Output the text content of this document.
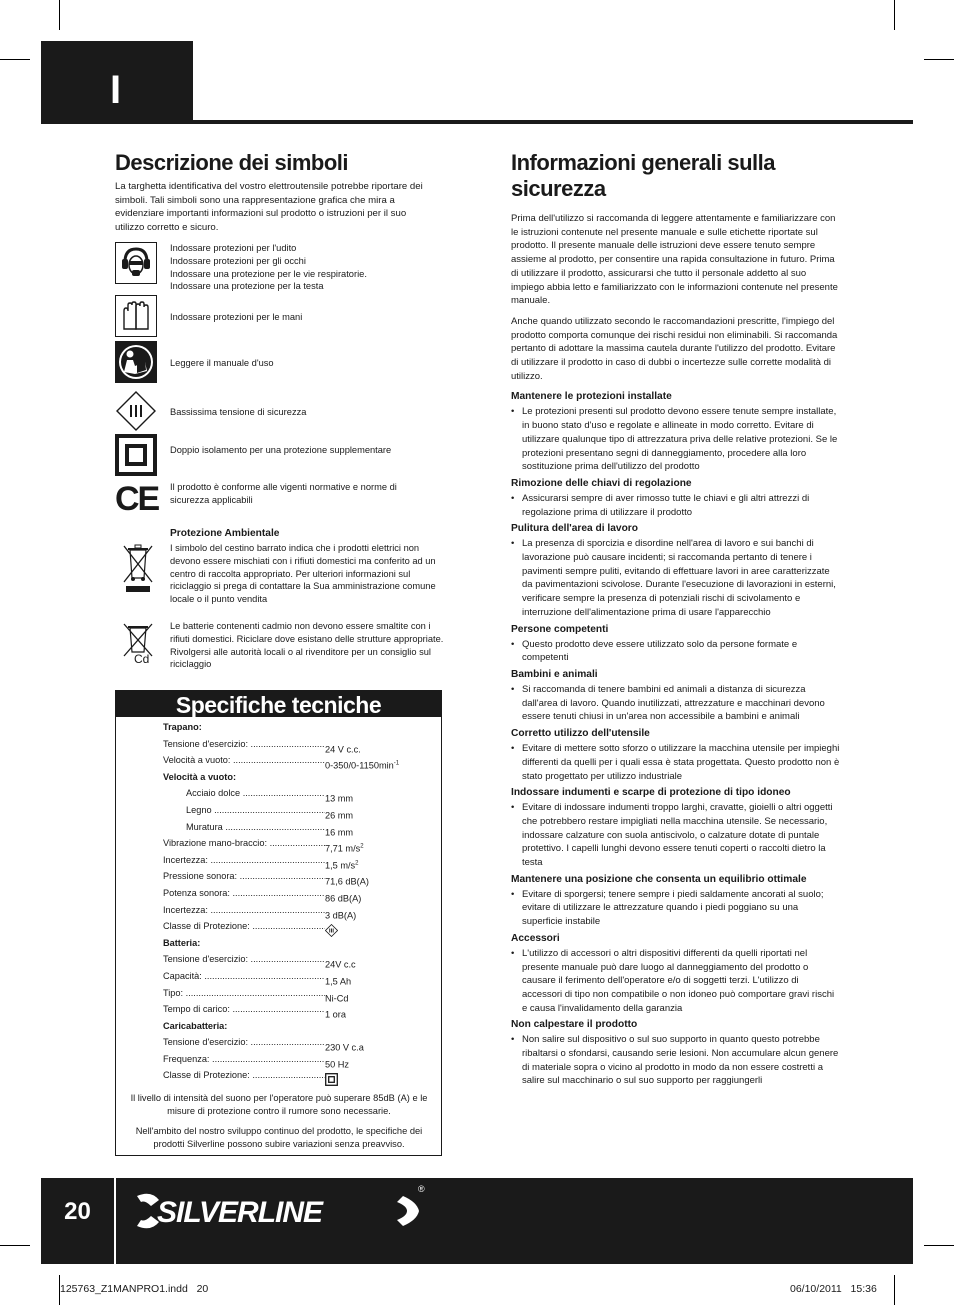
I
Descrizione dei simboli
La targhetta identificativa del vostro elettroutensile potrebbe riportare dei simboli. Tali simboli sono una rappresentazione grafica che mira a evidenziare importanti informazioni sul prodotto o istruzioni per il suo utilizzo corretto e sicuro.
Indossare protezioni per l'udito
Indossare protezioni per gli occhi
Indossare una protezione per le vie respiratorie.
Indossare una protezione per la testa
Indossare protezioni per le mani
Leggere il manuale d'uso
Bassissima tensione di sicurezza
Doppio isolamento per una protezione supplementare
CE Il prodotto è conforme alle vigenti normative e norme di sicurezza applicabili
Protezione Ambientale
I simbolo del cestino barrato indica che i prodotti elettrici non devono essere mischiati con i rifiuti domestici ma conferito ad un centro di raccolta appropriato. Per ulteriori informazioni sul riciclaggio si prega di contattare la Sua amministrazione comune locale o il punto vendita
Cd
Le batterie contenenti cadmio non devono essere smaltite con i rifiuti domestici. Riciclare dove esistano delle strutture appropriate. Rivolgersi alle autorità locali o al rivenditore per un consiglio sul riciclaggio
Specifiche tecniche
Trapano:
Tensione d'esercizio: .....24 V c.c.
Velocità a vuoto: $.....0-350/0-1150\min^{-1}$
Velocità a vuoto:
Acciaio dolce .....13 mm
Legno .....26 mm
Muratura .....16 mm
Vibrazione mano-braccio: .....7,71 $m/s^2$
Incertezza: .....1,5 $m/s^2$
Pressione sonora: .....71,6 dB(A)
Potenza sonora: .....86 dB(A)
Incertezza: .....3 dB(A)
Classe di Protezione: .....
Batteria:
Tensione d'esercizio: .....24V c.c
Capacità: .....1,5 Ah
Tipo: .....Ni-Cd
Tempo di carico: .....1 ora
Caricabatteria:
Tensione d'esercizio: .....230 V c.a
Frequenza: .....50 Hz
Classe di Protezione: .....
Il livello di intensità del suono per l'operatore può superare 85dB (A) e le misure di protezione contro il rumore sono necessarie.
Nell'ambito del nostro sviluppo continuo del prodotto, le specifiche dei prodotti Silverline possono subire variazioni senza preavviso.
Informazioni generali sulla sicurezza

Prima dell'utilizzo si raccomanda di leggere attentamente e familiarizzare con le istruzioni contenute nel presente manuale e sulle etichette riportate sul prodotto. Il presente manuale delle istruzioni deve essere tenuto sempre assieme al prodotto, per consentire una rapida consultazione in futuro. Prima di utilizzare il prodotto, assicurarsi che tutto il personale addetto al suo impiego abbia letto e familiarizzato con le informazioni contenute nel presente manuale.

Anche quando utilizzato secondo le raccomandazioni prescritte, l'impiego del prodotto comporta comunque dei rischi residui non eliminabili. Si raccomanda pertanto di adottare la massima cautela durante l'utilizzo del prodotto. Evitare di utilizzare il prodotto in caso di dubbi o incertezze sulle corrette modalità di utilizzo.

Mantenere le protezioni installate
• Le protezioni presenti sul prodotto devono essere tenute sempre installate, in buono stato d'uso e regolate e allineate in modo corretto. Evitare di utilizzare qualunque tipo di attrezzatura priva delle relative protezioni. Se le protezioni presentano segni di danneggiamento, procedere alla loro sostituzione prima dell'utilizzo del prodotto
Rimozione delle chiavi di regolazione
• Assicurarsi sempre di aver rimosso tutte le chiavi e gli altri attrezzi di regolazione prima di utilizzare il prodotto
Pulitura dell'area di lavoro
• La presenza di sporcizia e disordine nell'area di lavoro e sui banchi di lavorazione può causare incidenti; si raccomanda pertanto di tenere i pavimenti sempre puliti, evitando di effettuare lavori in aree caratterizzate da pavimentazioni scivolose. Durante l'esecuzione di lavorazioni in esterni, verificare sempre la presenza di potenziali rischi di scivolamento e interruzione dell'alimentazione prima di usare l'apparecchio
Persone competenti
• Questo prodotto deve essere utilizzato solo da persone formate e competenti
Bambini e animali
• Si raccomanda di tenere bambini ed animali a distanza di sicurezza dall'area di lavoro. Quando inutilizzati, attrezzature e macchinari devono essere tenuti chiusi in un'area non accessibile a bambini e animali
Corretto utilizzo dell'utensile
• Evitare di mettere sotto sforzo o utilizzare la macchina utensile per impieghi differenti da quelli per i quali essa è stata progettata. Questo prodotto non è stato progettato per utilizzo industriale
Indossare indumenti e scarpe di protezione di tipo idoneo
• Evitare di indossare indumenti troppo larghi, cravatte, gioielli o altri oggetti che potrebbero restare impigliati nella macchina utensile. Se necessario, indossare calzature con suola antiscivolo, o calzature dotate di puntale protettivo. I capelli lunghi devono essere tenuti coperti o raccolti dietro la testa
Mantenere una posizione che consenta un equilibrio ottimale
• Evitare di sporgersi; tenere sempre i piedi saldamente ancorati al suolo; evitare di utilizzare le attrezzature quando i piedi poggiano su una superficie instabile
Accessori
• L'utilizzo di accessori o altri dispositivi differenti da quelli riportati nel presente manuale può dare luogo al danneggiamento del prodotto o causare il ferimento dell'operatore e/o di soggetti terzi. L'utilizzo di accessori di tipo non compatibile o non idoneo può comportare gravi rischi e causa l'invalidamento della garanzia
Non calpestare il prodotto
• Non salire sul dispositivo o sul suo supporto in quanto questo potrebbe ribaltarsi o sfondarsi, causando serie lesioni. Non accumulare alcun genere di materiale sopra o vicino al prodotto in modo da non essere costretti a salire sul macchinario o sul suo supporto per raggiungerli
20	SILVERLINE
®
125763_Z1MANPRO1.indd   20	06/10/2011   15:36
